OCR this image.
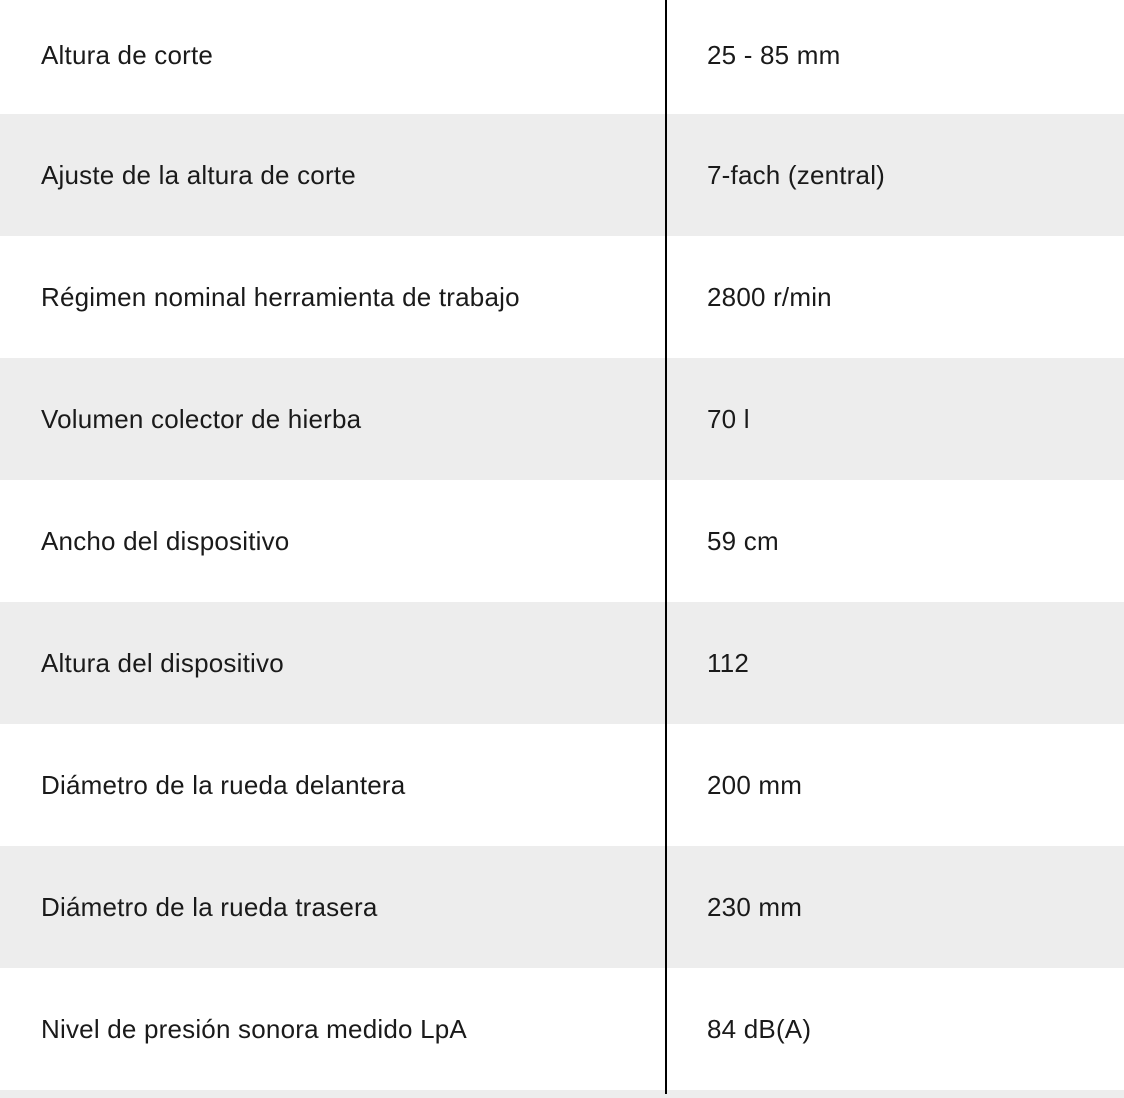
Altura de corte	25 - 85 mm
Ajuste de la altura de corte	7-fach (zentral)
Régimen nominal herramienta de trabajo	2800 r/min
Volumen colector de hierba	70 l
Ancho del dispositivo	59 cm
Altura del dispositivo	112
Diámetro de la rueda delantera	200 mm
Diámetro de la rueda trasera	230 mm
Nivel de presión sonora medido LpA	84 dB(A)
